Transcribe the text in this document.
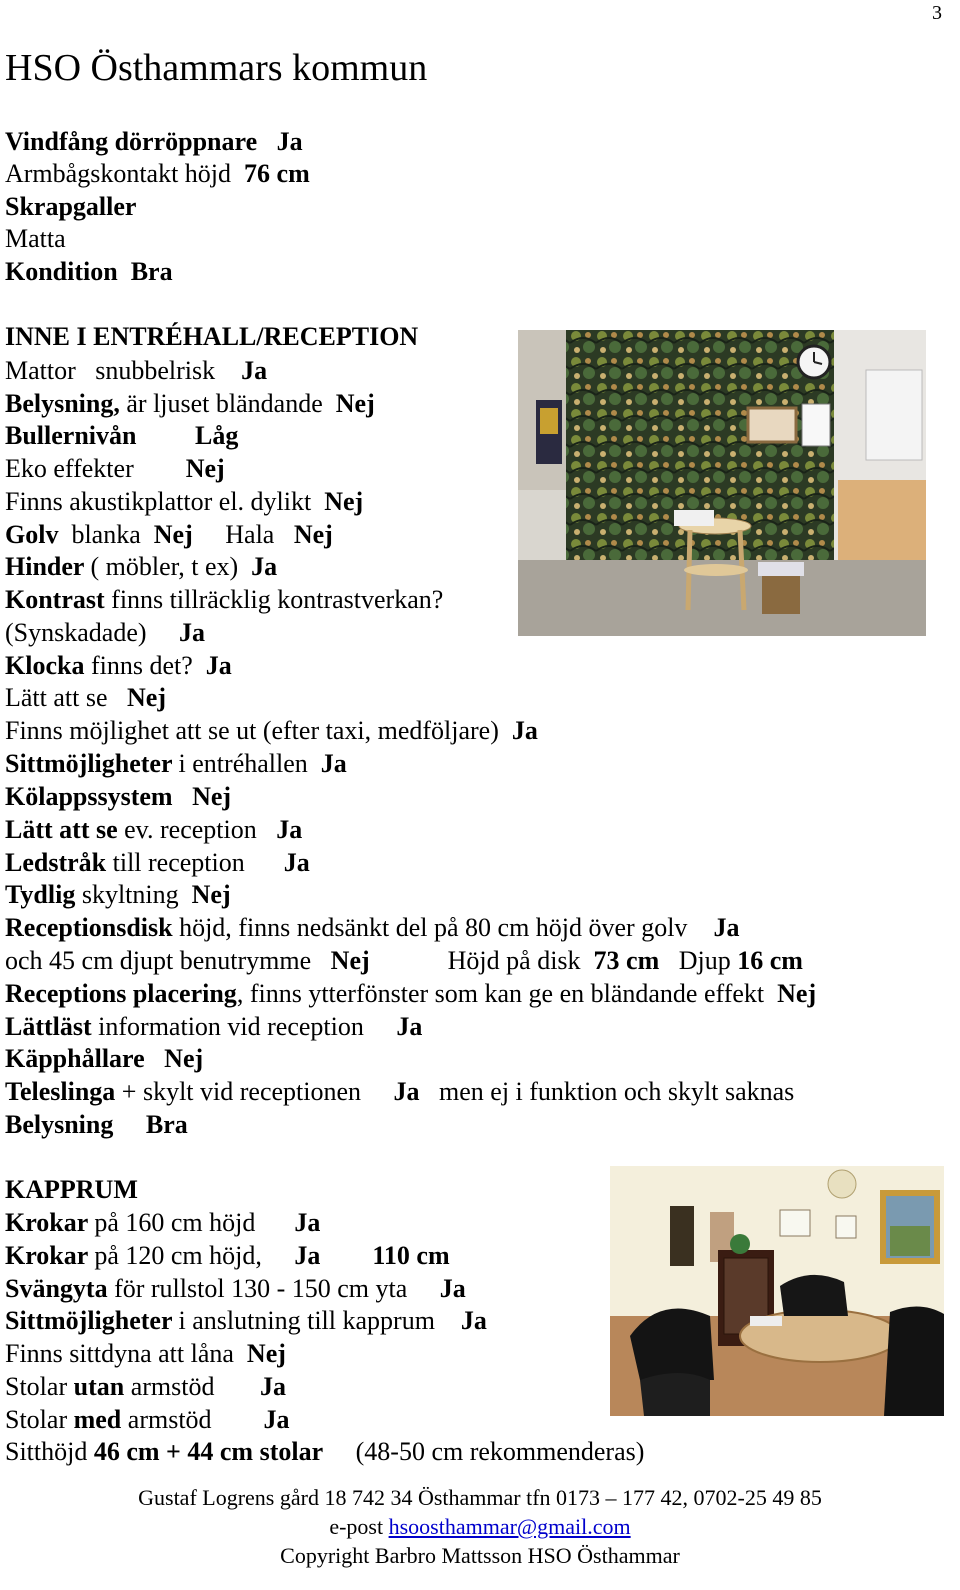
3
HSO Östhammars kommun
Vindfång dörröppnare   Ja
Armbågskontakt höjd  76 cm
Skrapgaller
Matta
Kondition  Bra
INNE I ENTRÉHALL/RECEPTION
Mattor   snubbelrisk    Ja
Belysning, är ljuset bländande  Nej
Bullernivån         Låg
Eko effekter        Nej
Finns akustikplattor el. dylikt  Nej
Golv  blanka  Nej     Hala   Nej
Hinder ( möbler, t ex)  Ja
Kontrast finns tillräcklig kontrastverkan?
(Synskadade)     Ja
Klocka finns det?  Ja
Lätt att se   Nej
Finns möjlighet att se ut (efter taxi, medföljare)  Ja
Sittmöjligheter i entréhallen  Ja
Kölappssystem   Nej
Lätt att se ev. reception   Ja
Ledstråk till reception      Ja
Tydlig skyltning  Nej
Receptionsdisk höjd, finns nedsänkt del på 80 cm höjd över golv    Ja
och 45 cm djupt benutrymme   Nej            Höjd på disk  73 cm   Djup 16 cm
Receptions placering, finns ytterfönster som kan ge en bländande effekt  Nej
Lättläst information vid reception     Ja
Käpphållare   Nej
Teleslinga + skylt vid receptionen     Ja   men ej i funktion och skylt saknas
Belysning     Bra
KAPPRUM
Krokar på 160 cm höjd      Ja
Krokar på 120 cm höjd,     Ja        110 cm
Svängyta för rullstol 130 - 150 cm yta     Ja
Sittmöjligheter i anslutning till kapprum    Ja
Finns sittdyna att låna  Nej
Stolar utan armstöd       Ja
Stolar med armstöd        Ja
Sitthöjd 46 cm + 44 cm stolar     (48-50 cm rekommenderas)
Gustaf Logrens gård 18 742 34 Östhammar tfn 0173 – 177 42, 0702-25 49 85
e-post hsoosthammar@gmail.com
Copyright Barbro Mattsson HSO Östhammar
